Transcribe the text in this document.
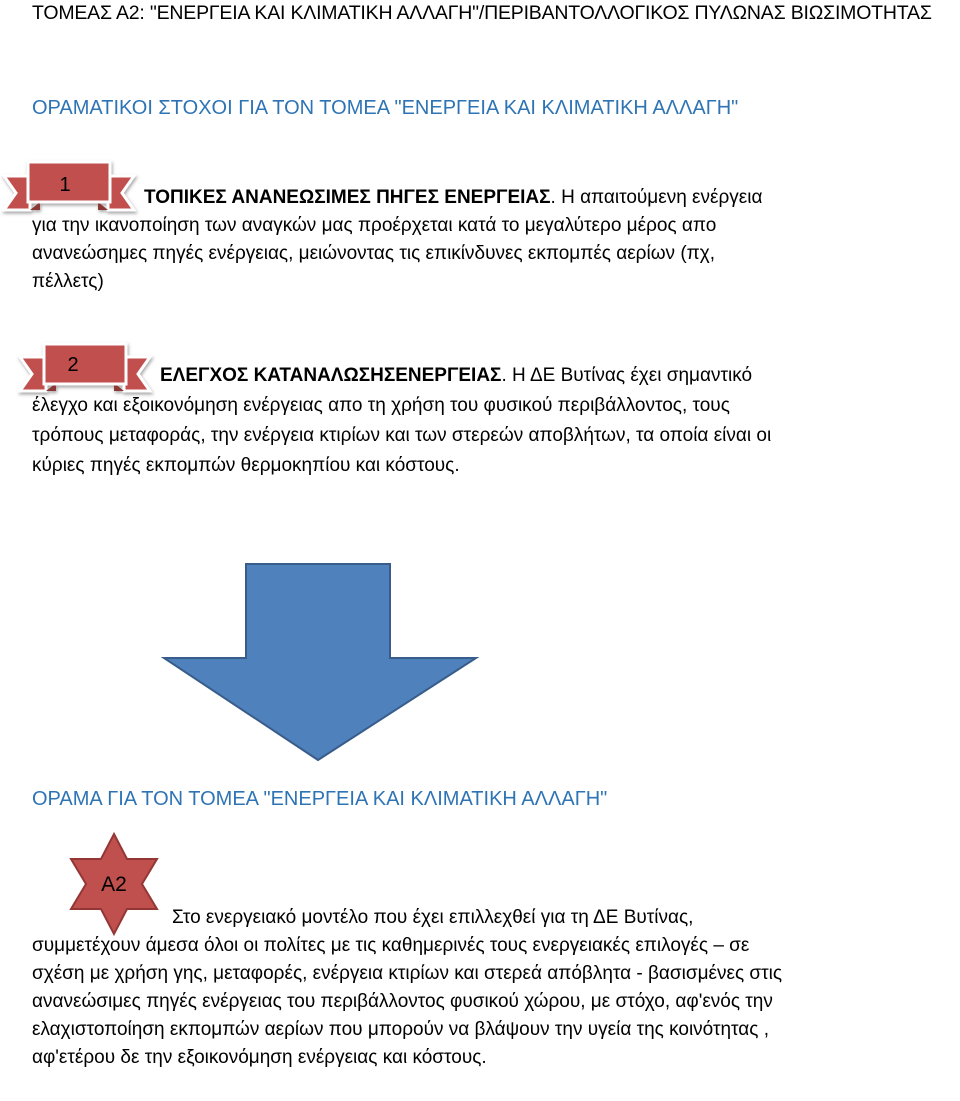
ΤΟΜΕΑΣ Α2: "ΕΝΕΡΓΕΙΑ ΚΑΙ ΚΛΙΜΑΤΙΚΗ ΑΛΛΑΓΗ"/ΠΕΡΙΒΑΝΤΟΛΛΟΓΙΚΟΣ ΠΥΛΩΝΑΣ ΒΙΩΣΙΜΟΤΗΤΑΣ
ΟΡΑΜΑΤΙΚΟΙ ΣΤΟΧΟΙ ΓΙΑ ΤΟΝ ΤΟΜΕΑ "ΕΝΕΡΓΕΙΑ ΚΑΙ ΚΛΙΜΑΤΙΚΗ ΑΛΛΑΓΗ"
1
ΤΟΠΙΚΕΣ ΑΝΑΝΕΩΣΙΜΕΣ ΠΗΓΕΣ ΕΝΕΡΓΕΙΑΣ. Η απαιτούμενη ενέργεια για την ικανοποίηση των αναγκών μας προέρχεται κατά το μεγαλύτερο μέρος απο ανανεώσημες πηγές ενέργειας, μειώνοντας τις επικίνδυνες εκπομπές αερίων (πχ, πέλλετς)
2	ΕΛΕΓΧΟΣ ΚΑΤΑΝΑΛΩΣΗΣΕΝΕΡΓΕΙΑΣ. Η ΔΕ Βυτίνας έχει σημαντικό έλεγχο και εξοικονόμηση ενέργειας απο τη χρήση του φυσικού περιβάλλοντος, τους τρόπους μεταφοράς, την ενέργεια κτιρίων και των στερεών αποβλήτων, τα οποία είναι οι κύριες πηγές εκπομπών θερμοκηπίου και κόστους.
ΟΡΑΜΑ ΓΙΑ ΤΟΝ ΤΟΜΕΑ "ΕΝΕΡΓΕΙΑ ΚΑΙ ΚΛΙΜΑΤΙΚΗ ΑΛΛΑΓΗ"
Α2
Στο ενεργειακό μοντέλο που έχει επιλλεχθεί για τη ΔΕ Βυτίνας, συμμετέχουν άμεσα όλοι οι πολίτες με τις καθημερινές τους ενεργειακές επιλογές – σε σχέση με χρήση γης, μεταφορές, ενέργεια κτιρίων και στερεά απόβλητα - βασισμένες στις ανανεώσιμες πηγές ενέργειας του περιβάλλοντος φυσικού χώρου, με στόχο, αφ'ενός την ελαχιστοποίηση εκπομπών αερίων που μπορούν να βλάψουν την υγεία της κοινότητας , αφ'ετέρου δε την εξοικονόμηση ενέργειας και κόστους.
